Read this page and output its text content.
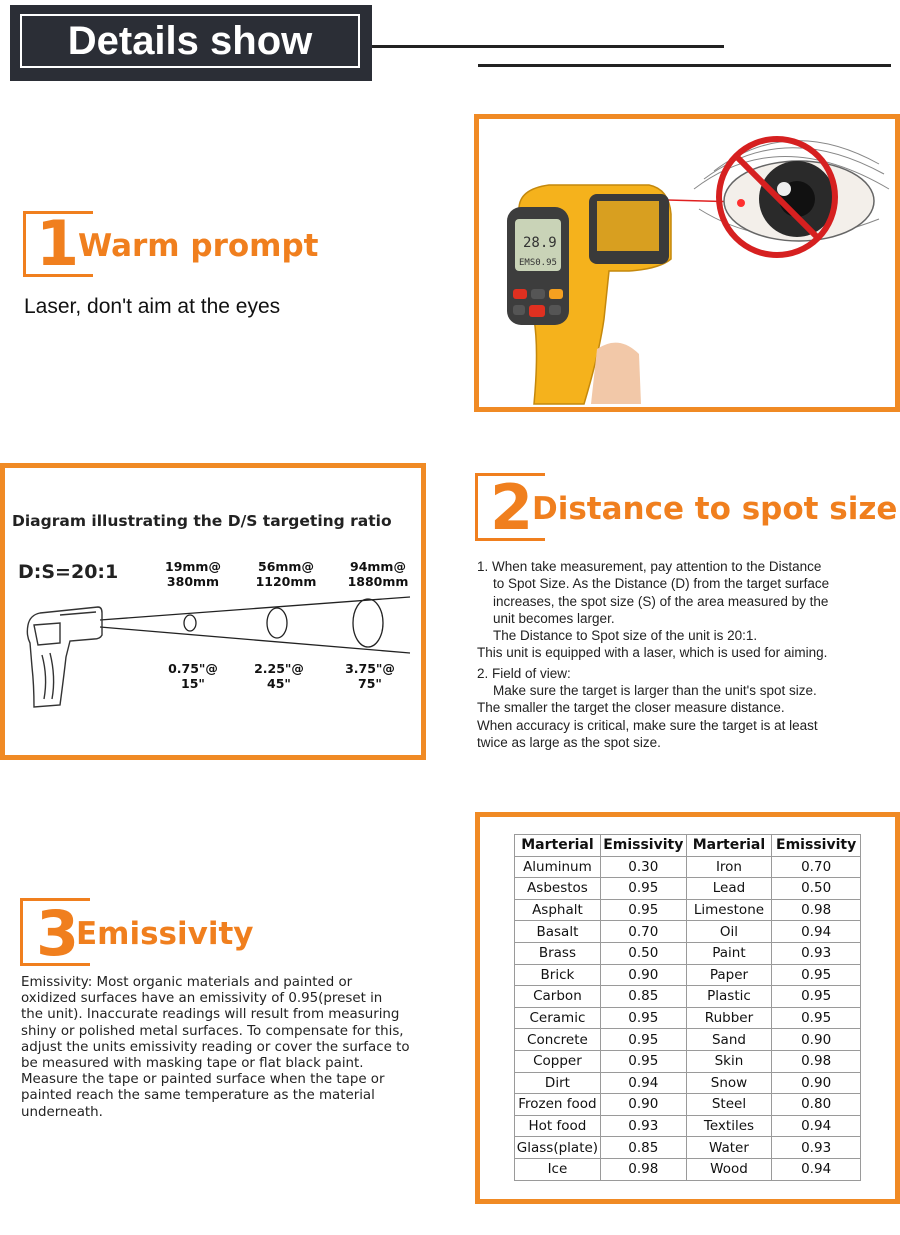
Details show
1
Warm prompt
Laser, don't aim at the eyes
28.9
EMS0.95
Diagram illustrating the D/S targeting ratio
D:S=20:1	19mm@
380mm
56mm@
1120mm
94mm@
1880mm
0.75"@
15"
2.25"@
45"
3.75"@
75"
2
Distance to spot size

1. When take measurement, pay attention to the Distance

to Spot Size. As the Distance (D) from the target surface

increases, the spot size (S) of the area measured by the

unit becomes larger.

The Distance to Spot size of the unit is 20:1.

This unit is equipped with a laser, which is used for aiming.

2. Field of view:

Make sure the target is larger than the unit's spot size.

The smaller the target the closer measure distance.

When accuracy is critical, make sure the target is at least

twice as large as the spot size.

3
Emissivity
Emissivity: Most organic materials and painted or
oxidized surfaces have an emissivity of 0.95(preset in
the unit). Inaccurate readings will result from measuring
shiny or polished metal surfaces. To compensate for this,
adjust the units emissivity reading or cover the surface to
be measured with masking tape or flat black paint.
Measure the tape or painted surface when the tape or
painted reach the same temperature as the material
underneath.
Marterial	Emissivity	Marterial	Emissivity
Aluminum	0.30	Iron	0.70
Asbestos	0.95	Lead	0.50
Asphalt	0.95	Limestone	0.98
Basalt	0.70	Oil	0.94
Brass	0.50	Paint	0.93
Brick	0.90	Paper	0.95
Carbon	0.85	Plastic	0.95
Ceramic	0.95	Rubber	0.95
Concrete	0.95	Sand	0.90
Copper	0.95	Skin	0.98
Dirt	0.94	Snow	0.90
Frozen food	0.90	Steel	0.80
Hot food	0.93	Textiles	0.94
Glass(plate)	0.85	Water	0.93
Ice	0.98	Wood	0.94
